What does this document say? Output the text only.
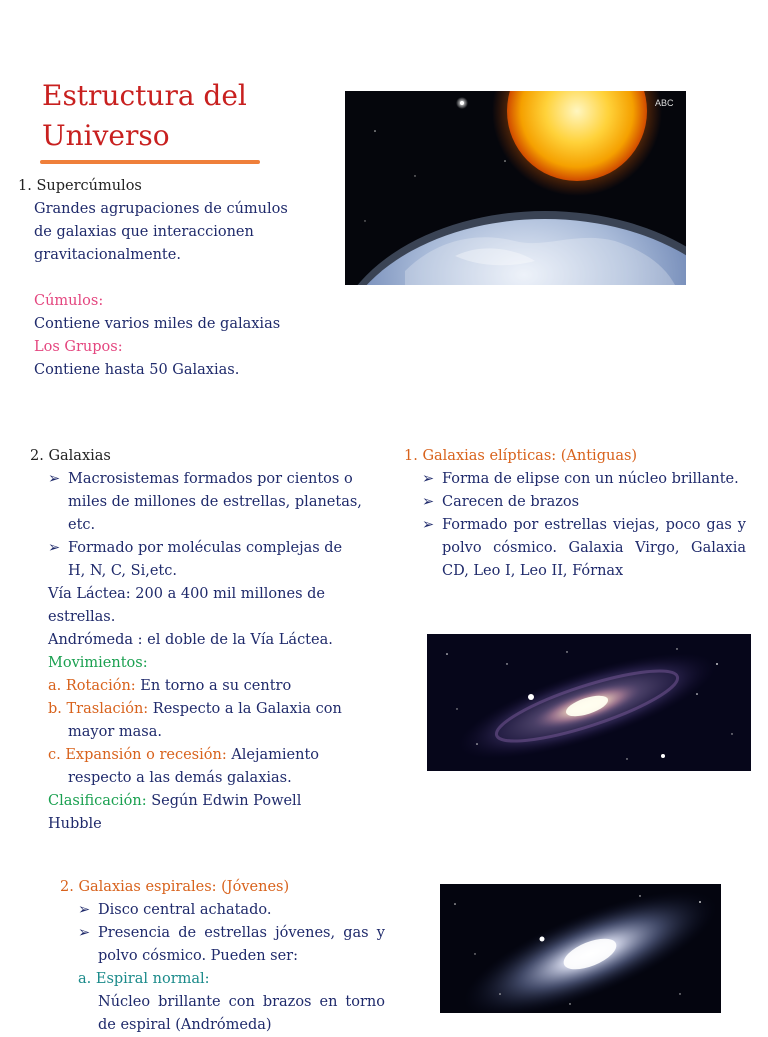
Estructura del
Universo
1. Supercúmulos
Grandes agrupaciones de cúmulos
de galaxias que interaccionen
gravitacionalmente.
Cúmulos:
Contiene varios miles de galaxias
Los Grupos:
Contiene hasta 50 Galaxias.
ABC
2. Galaxias
➢ Macrosistemas formados por cientos o
miles de millones de estrellas, planetas,
etc.
➢ Formado por moléculas complejas de
H, N, C, Si,etc.
Vía Láctea: 200 a 400 mil millones de
estrellas.
Andrómeda : el doble de la Vía Láctea.
Movimientos:
a. Rotación: En torno a su centro
b. Traslación: Respecto a la Galaxia con
mayor masa.
c. Expansión o recesión: Alejamiento
respecto a las demás galaxias.
Clasificación: Según Edwin Powell
Hubble
1. Galaxias elípticas: (Antiguas)
➢ Forma de elipse con un núcleo brillante.
➢ Carecen de brazos
➢ Formado por estrellas viejas, poco gas y polvo cósmico. Galaxia Virgo, Galaxia CD, Leo I, Leo II, Fórnax
2. Galaxias espirales: (Jóvenes)
➢ Disco central achatado.
➢ Presencia de estrellas jóvenes, gas y polvo cósmico. Pueden ser:
a. Espiral normal:
Núcleo brillante con brazos en torno de espiral (Andrómeda)
